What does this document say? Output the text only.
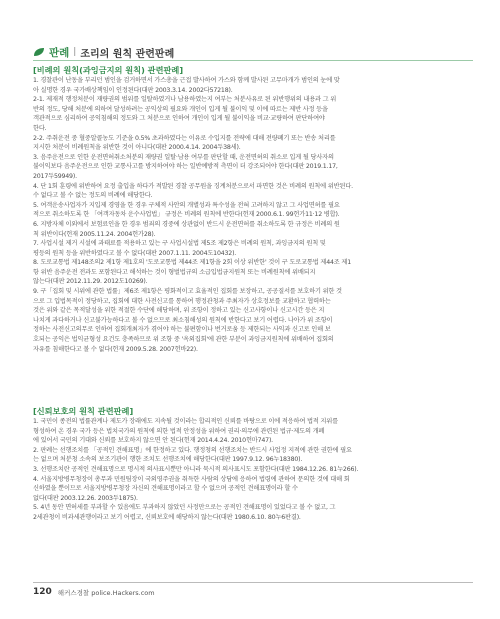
판례 | 조리의 원칙 관련판례
[비례의 원칙(과잉금지의 원칙) 관련판례]
1. 경찰관이 난동을 부리던 범인을 검거하면서 가스총을 근접 발사하여 가스와 함께 발사된 고무마개가 범인의 눈에 맞
아 실명한 경우 국가배상책임이 인정된다(대판 2003.3.14. 2002다57218).
2-1. 제재적 행정처분이 재량권의 범위를 일탈하였거나 남용하였는지 여부는 처분사유로 된 위반행위의 내용과 그 위
반의 정도, 당해 처분에 의하여 달성하려는 공익상의 필요와 개인이 입게 될 불이익 및 이에 따르는 제반 사정 등을
객관적으로 심리하여 공익침해의 정도와 그 처분으로 인하여 개인이 입게 될 불이익을 비교·교량하여 판단하여야
한다.
2-2. 주취운전 중 혈중알콜농도 기준을 0.5% 초과하였다는 이유로 수입지를 전략에 대해 전량폐기 또는 반송 처리를
지시한 처분이 비례원칙을 위반한 것이 아니다(대판 2000.4.14. 2004두38세).
3. 음주운전으로 인한 운전면허취소처분의 재량권 일탈·남용 여부를 판단할 때, 운전면허의 취소로 입게 될 당사자의
불이익보다 음주운전으로 인한 교통사고를 방지하여야 하는 일반예방적 측면이 더 강조되어야 한다(대판 2019.1.17,
2017두59949).
4. 단 1회 훈령에 위반하여 요정 출입을 하다가 적발된 경찰 공무원을 징계처분으로서 파면한 것은 비례의 원칙에 위반된다.
수 없다고 볼 수 없는 정도의 비례에 해당한다.
5. 여객운송사업자가 지입제 경영을 한 경우 구체적 사안의 개별성과 특수성을 전혀 고려하지 않고 그 사업면허를 필요
적으로 취소하도록 한 「여객자동차 운수사업법」 규정은 비례의 원칙에 반한다(헌재 2000.6.1. 99헌가11·12 병합).
6. 지방자체 이외에서 보험료인을 한 경우 범죄의 경중에 상관없이 반드시 운전면허를 취소하도록 한 규정은 비례의 원
칙 위반이다(헌재 2005.11.24. 2004헌가28).
7. 사업시설 제거 시설에 과태료를 적용하고 있는 구 사업시설법 제5조 제2항은 비례의 원칙, 과잉금지의 원칙 및
평등의 원칙 등을 위반하였다고 볼 수 없다(대판 2007.1.11. 2004도10432).
8. 도로교통법 제148조의2 제1항 제1호의 '도로교통법 제44조 제1항을 2회 이상 위반한' 것이 구 도로교통법 제44조 제1
항 위반 음주운전 전과도 포함된다고 해석하는 것이 형벌법규의 소급입법금지원칙 또는 비례원칙에 위배되지
않는다(대판 2012.11.29. 2012도10269).
9. 구「집회 및 시위에 관한 법률」제6조 제1항은 평화적이고 효율적인 집회를 보장하고, 공공질서를 보호하기 위한 것
으로 그 입법목적이 정당하고, 집회에 대한 사전신고를 통하여 행정관청과 주최자가 상호정보를 교환하고 협력하는
것은 위와 같은 목적달성을 위한 적절한 수단에 해당하며, 위 조항이 정하고 있는 신고사항이나 신고시간 등은 지
나치게 과다하거나 신고불가능하다고 볼 수 없으므로 최소침해성의 원칙에 반한다고 보기 어렵다. 나아가 위 조항이
정하는 사전신고의무로 인하여 집회개최자가 겪어야 하는 불편함이나 번거로움 등 제한되는 사익과 신고로 인해 보
호되는 공익은 법익균형성 요건도 충족하므로 위 조항 중 '옥외집회'에 관한 부분이 과잉금지원칙에 위배하여 집회의
자유를 침해한다고 볼 수 없다(헌재 2009.5.28. 2007헌바22).
[신뢰보호의 원칙 관련판례]
1. 국민이 종전의 법률관계나 제도가 장래에도 지속될 것이라는 합리적인 신뢰를 바탕으로 이에 적응하여 법적 지위를
형성하여 온 경우 국가 등은 법치국가의 원칙에 의한 법적 안정성을 위하여 권리·의무에 관련된 법규·제도의 개폐
에 있어서 국민의 기대와 신뢰를 보호하지 않으면 안 된다(헌재 2014.4.24. 2010헌마747).
2. 판례는 선행조치를 「공적인 견해표명」에 한정하고 있다. 행정청의 선행조치는 반드시 사업정 지적에 관한 권한에 필요
는 없으며 처분청 소속의 보조기관이 행한 조치도 선행조치에 해당한다(대판 1997.9.12. 96누18380).
3. 선행조치란 공적인 견해표명으로 명시적 의사표시뿐만 아니라 묵시적 의사표시도 포함한다(대판 1984.12.26. 81누266).
4. 서울지방병무청장이 총무과 민원팀장이 국외영주권을 취득한 사람의 상담에 응하여 법령에 관하여 문의한 것에 대해 회
신하였을 뿐이므로 서울지방병무청장 자신의 견해표명이라고 할 수 없으며 공적인 견해표명이라 할 수
없다(대판 2003.12.26. 2003두1875).
5. 4년 동안 면허세를 부과할 수 있음에도 부과하지 않았던 사정만으로는 공적인 견해표명이 있었다고 볼 수 없고, 그
2세관청이 비과세관행이라고 보기 어렵고, 신뢰보호에 해당하지 않는다(대판 1980.6.10. 80누6판결).
120 해커스경찰 police.Hackers.com
